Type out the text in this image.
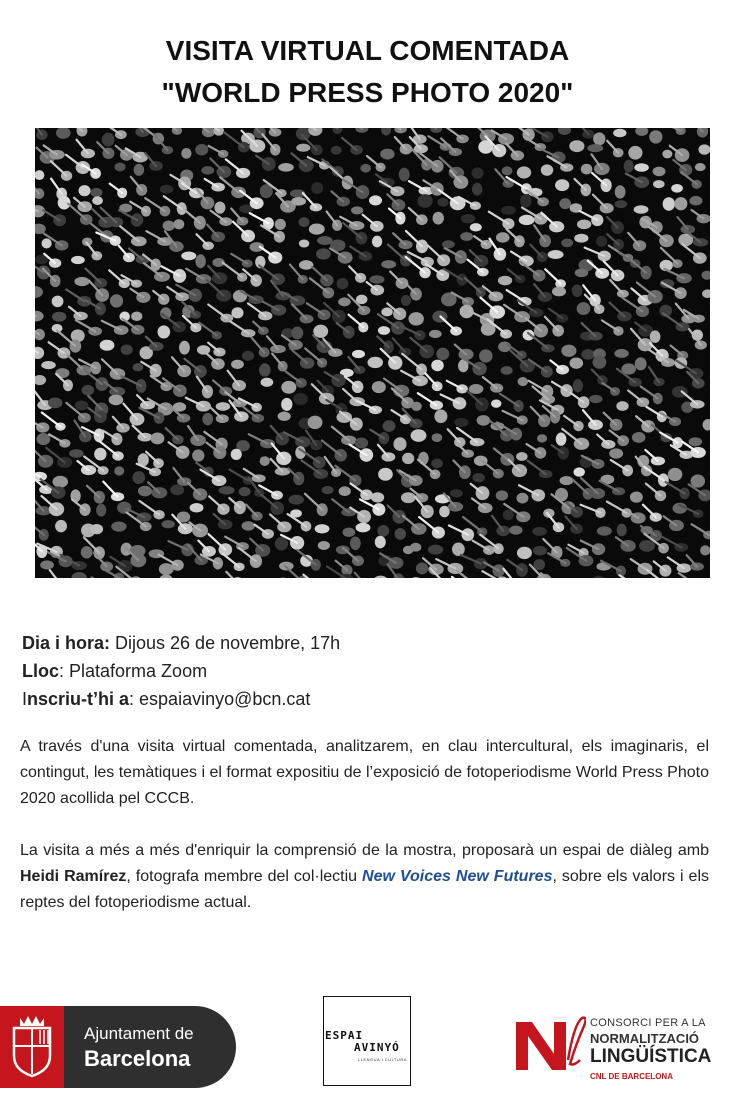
VISITA VIRTUAL COMENTADA
"WORLD PRESS PHOTO 2020"
Dia i hora: Dijous 26 de novembre, 17h
Lloc: Plataforma Zoom
Inscriu-t’hi a: espaiavinyo@bcn.cat
A través d'una visita virtual comentada, analitzarem, en clau intercultural, els imaginaris, el contingut, les temàtiques i el format expositiu de l’exposició de fotoperiodisme World Press Photo 2020 acollida pel CCCB.
La visita a més a més d'enriquir la comprensió de la mostra, proposarà un espai de diàleg amb Heidi Ramírez, fotografa membre del col·lectiu New Voices New Futures, sobre els valors i els reptes del fotoperiodisme actual.
Ajuntament de
Barcelona
ESPAI
AVINYÓ
LLENGUA I CULTURA
CONSORCI PER A LA
NORMALITZACIÓ
LINGÜÍSTICA
CNL DE BARCELONA
